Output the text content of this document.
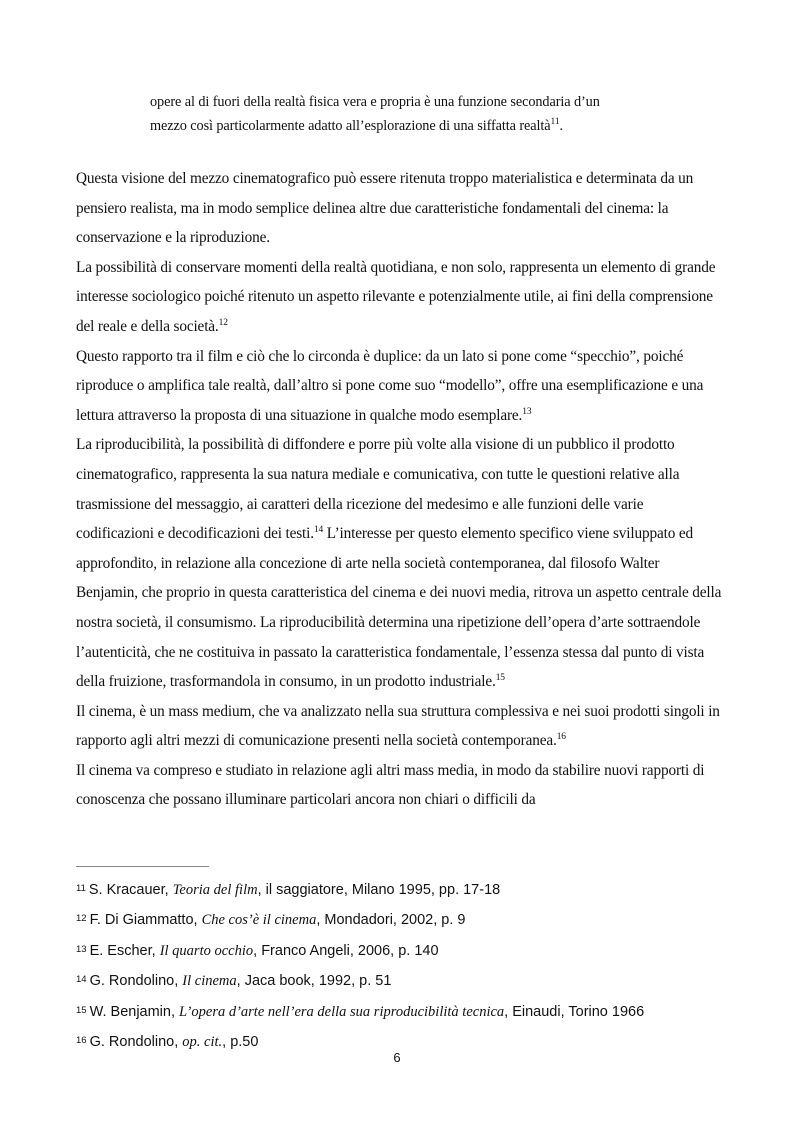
opere al di fuori della realtà fisica vera e propria è una funzione secondaria d’un
mezzo così particolarmente adatto all’esplorazione di una siffatta realtà$^{11}$.

Questa visione del mezzo cinematografico può essere ritenuta troppo materialistica e determinata da un pensiero realista, ma in modo semplice delinea altre due caratteristiche fondamentali del cinema: la conservazione e la riproduzione.

La possibilità di conservare momenti della realtà quotidiana, e non solo, rappresenta un elemento di grande interesse sociologico poiché ritenuto un aspetto rilevante e potenzialmente utile, ai fini della comprensione del reale e della società.$^{12}$

Questo rapporto tra il film e ciò che lo circonda è duplice: da un lato si pone come “specchio”, poiché riproduce o amplifica tale realtà, dall’altro si pone come suo “modello”, offre una esemplificazione e una lettura attraverso la proposta di una situazione in qualche modo esemplare.$^{13}$

La riproducibilità, la possibilità di diffondere e porre più volte alla visione di un pubblico il prodotto cinematografico, rappresenta la sua natura mediale e comunicativa, con tutte le questioni relative alla trasmissione del messaggio, ai caratteri della ricezione del medesimo e alle funzioni delle varie codificazioni e decodificazioni dei testi.$^{14}$ L’interesse per questo elemento specifico viene sviluppato ed approfondito, in relazione alla concezione di arte nella società contemporanea, dal filosofo Walter Benjamin, che proprio in questa caratteristica del cinema e dei nuovi media, ritrova un aspetto centrale della nostra società, il consumismo. La riproducibilità determina una ripetizione dell’opera d’arte sottraendole l’autenticità, che ne costituiva in passato la caratteristica fondamentale, l’essenza stessa dal punto di vista della fruizione, trasformandola in consumo, in un prodotto industriale.$^{15}$

Il cinema, è un mass medium, che va analizzato nella sua struttura complessiva e nei suoi prodotti singoli in rapporto agli altri mezzi di comunicazione presenti nella società contemporanea.$^{16}$

Il cinema va compreso e studiato in relazione agli altri mass media, in modo da stabilire nuovi rapporti di conoscenza che possano illuminare particolari ancora non chiari o difficili da

$^{11}$ S. Kracauer, Teoria del film, il saggiatore, Milano 1995, pp. 17-18
$^{12}$ F. Di Giammatto, Che cos’è il cinema, Mondadori, 2002, p. 9
$^{13}$ E. Escher, Il quarto occhio, Franco Angeli, 2006, p. 140
$^{14}$ G. Rondolino, Il cinema, Jaca book, 1992, p. 51
$^{15}$ W. Benjamin, L’opera d’arte nell’era della sua riproducibilità tecnica, Einaudi, Torino 1966
$^{16}$ G. Rondolino, op. cit., p.50
6
